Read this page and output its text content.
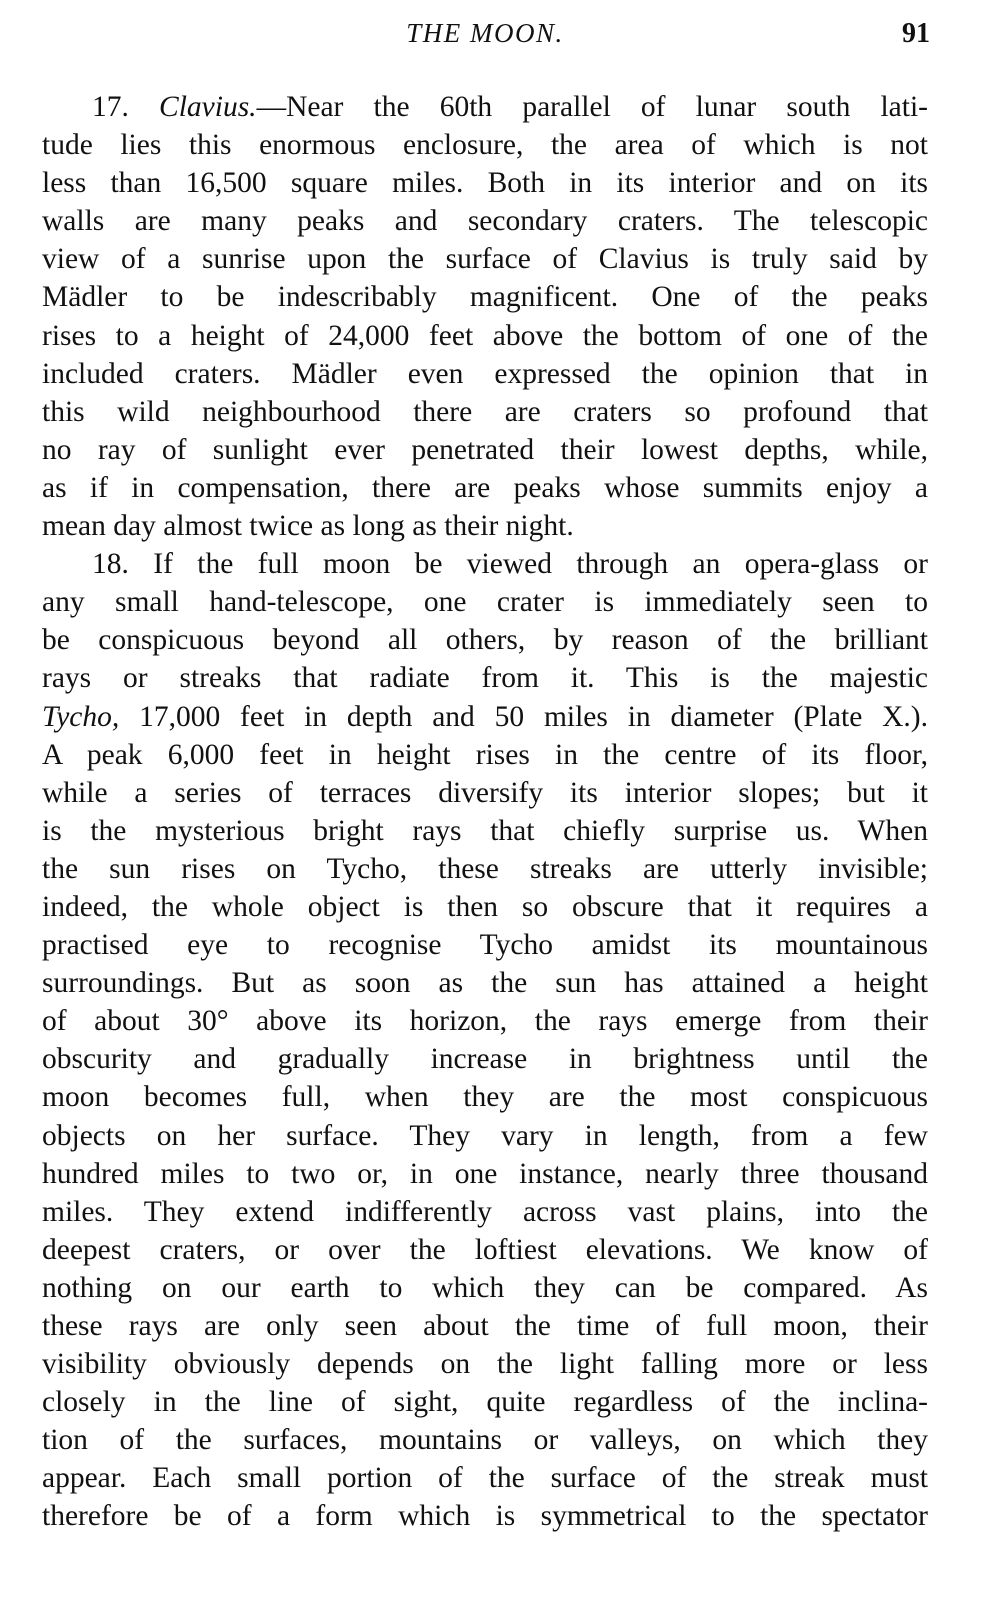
THE MOON.	91
17. Clavius.—Near the 60th parallel of lunar south lati-
tude lies this enormous enclosure, the area of which is not
less than 16,500 square miles. Both in its interior and on its
walls are many peaks and secondary craters. The telescopic
view of a sunrise upon the surface of Clavius is truly said by
Mädler to be indescribably magnificent. One of the peaks
rises to a height of 24,000 feet above the bottom of one of the
included craters. Mädler even expressed the opinion that in
this wild neighbourhood there are craters so profound that
no ray of sunlight ever penetrated their lowest depths, while,
as if in compensation, there are peaks whose summits enjoy a
mean day almost twice as long as their night.
18. If the full moon be viewed through an opera-glass or
any small hand-telescope, one crater is immediately seen to
be conspicuous beyond all others, by reason of the brilliant
rays or streaks that radiate from it. This is the majestic
Tycho, 17,000 feet in depth and 50 miles in diameter (Plate X.).
A peak 6,000 feet in height rises in the centre of its floor,
while a series of terraces diversify its interior slopes; but it
is the mysterious bright rays that chiefly surprise us. When
the sun rises on Tycho, these streaks are utterly invisible;
indeed, the whole object is then so obscure that it requires a
practised eye to recognise Tycho amidst its mountainous
surroundings. But as soon as the sun has attained a height
of about 30° above its horizon, the rays emerge from their
obscurity and gradually increase in brightness until the
moon becomes full, when they are the most conspicuous
objects on her surface. They vary in length, from a few
hundred miles to two or, in one instance, nearly three thousand
miles. They extend indifferently across vast plains, into the
deepest craters, or over the loftiest elevations. We know of
nothing on our earth to which they can be compared. As
these rays are only seen about the time of full moon, their
visibility obviously depends on the light falling more or less
closely in the line of sight, quite regardless of the inclina-
tion of the surfaces, mountains or valleys, on which they
appear. Each small portion of the surface of the streak must
therefore be of a form which is symmetrical to the spectator
